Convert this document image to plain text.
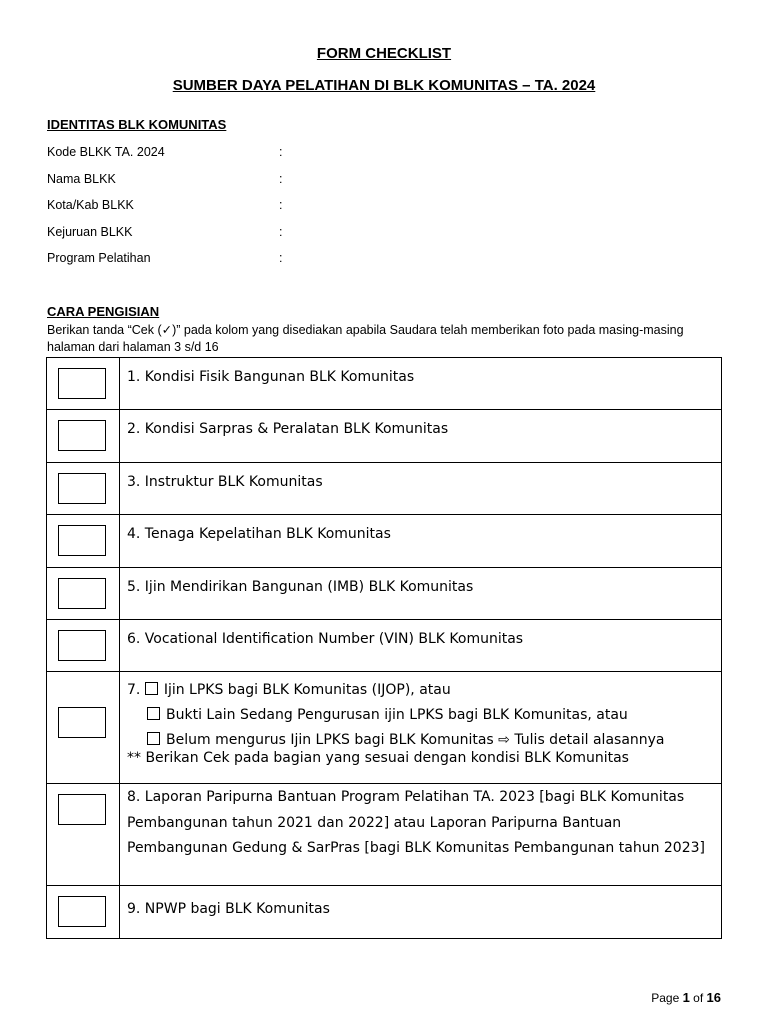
FORM CHECKLIST
SUMBER DAYA PELATIHAN DI BLK KOMUNITAS – TA. 2024
IDENTITAS BLK KOMUNITAS
Kode BLKK TA. 2024	:
Nama BLKK	:
Kota/Kab BLKK	:
Kejuruan BLKK	:
Program Pelatihan	:
CARA PENGISIAN
Berikan tanda “Cek (✓)” pada kolom yang disediakan apabila Saudara telah memberikan foto pada masing-masing halaman dari halaman 3 s/d 16
	1. Kondisi Fisik Bangunan BLK Komunitas

	2. Kondisi Sarpras & Peralatan BLK Komunitas

	3. Instruktur BLK Komunitas

	4. Tenaga Kepelatihan BLK Komunitas

	5. Ijin Mendirikan Bangunan (IMB) BLK Komunitas

	6. Vocational Identification Number (VIN) BLK Komunitas

	7. Ijin LPKS bagi BLK Komunitas (IJOP), atau
Bukti Lain Sedang Pengurusan ijin LPKS bagi BLK Komunitas, atau
Belum mengurus Ijin LPKS bagi BLK Komunitas ⇨ Tulis detail alasannya
** Berikan Cek pada bagian yang sesuai dengan kondisi BLK Komunitas

	8. Laporan Paripurna Bantuan Program Pelatihan TA. 2023 [bagi BLK Komunitas Pembangunan tahun 2021 dan 2022] atau Laporan Paripurna Bantuan Pembangunan Gedung & SarPras [bagi BLK Komunitas Pembangunan tahun 2023]

	9. NPWP bagi BLK Komunitas
Page 1 of 16
